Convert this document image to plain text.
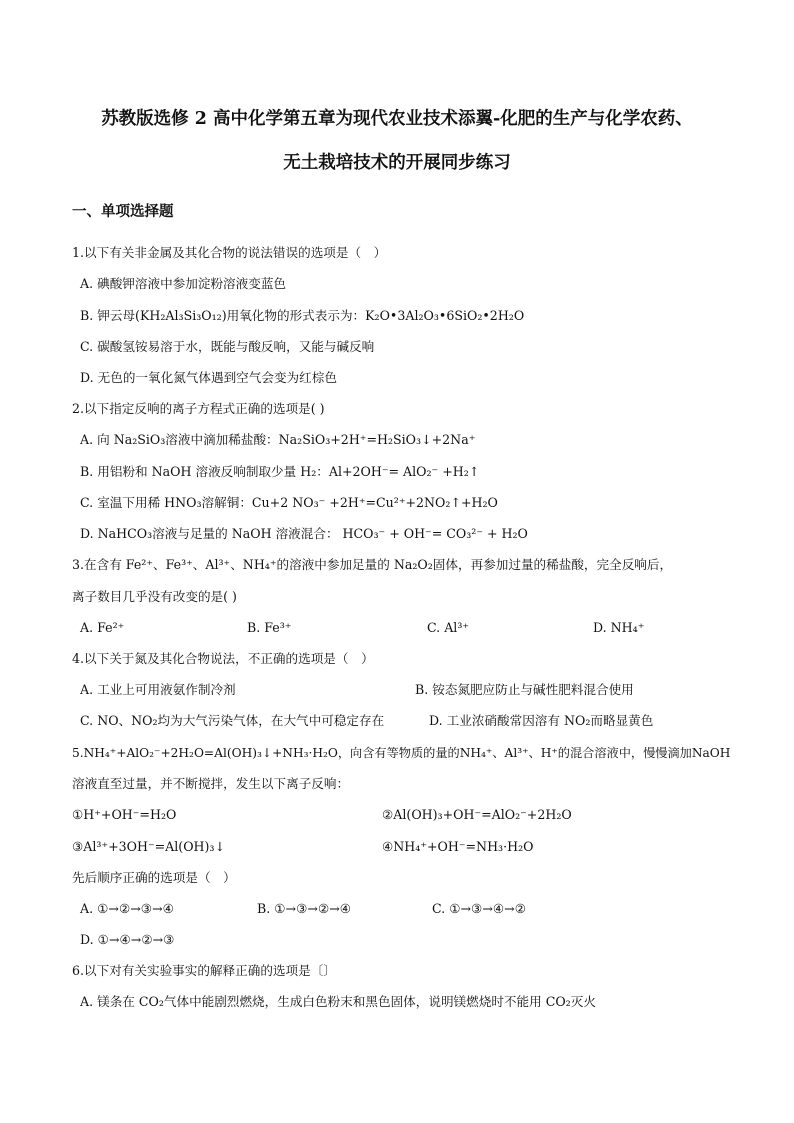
苏教版选修 2 高中化学第五章为现代农业技术添翼-化肥的生产与化学农药、
无土栽培技术的开展同步练习
一、单项选择题
1.以下有关非金属及其化合物的说法错误的选项是（　）
A. 碘酸钾溶液中参加淀粉溶液变蓝色
B. 钾云母(KH₂Al₃Si₃O₁₂)用氧化物的形式表示为：K₂O•3Al₂O₃•6SiO₂•2H₂O
C. 碳酸氢铵易溶于水，既能与酸反响，又能与碱反响
D. 无色的一氧化氮气体遇到空气会变为红棕色
2.以下指定反响的离子方程式正确的选项是( )
A. 向 Na₂SiO₃溶液中滴加稀盐酸：Na₂SiO₃+2H⁺=H₂SiO₃↓+2Na⁺
B. 用铝粉和 NaOH 溶液反响制取少量 H₂：Al+2OH⁻= AlO₂⁻ +H₂↑
C. 室温下用稀 HNO₃溶解铜：Cu+2 NO₃⁻ +2H⁺=Cu²⁺+2NO₂↑+H₂O
D. NaHCO₃溶液与足量的 NaOH 溶液混合： HCO₃⁻ + OH⁻= CO₃²⁻ + H₂O
3.在含有 Fe²⁺、Fe³⁺、Al³⁺、NH₄⁺的溶液中参加足量的 Na₂O₂固体，再参加过量的稀盐酸，完全反响后，
离子数目几乎没有改变的是( )
A. Fe²⁺	B. Fe³⁺	C. Al³⁺	D. NH₄⁺
4.以下关于氮及其化合物说法，不正确的选项是（　）
A. 工业上可用液氨作制冷剂	B. 铵态氮肥应防止与碱性肥料混合使用
C. NO、NO₂均为大气污染气体，在大气中可稳定存在	D. 工业浓硝酸常因溶有 NO₂而略显黄色
5.NH₄⁺+AlO₂⁻+2H₂O=Al(OH)₃↓+NH₃·H₂O，向含有等物质的量的NH₄⁺、Al³⁺、H⁺的混合溶液中，慢慢滴加NaOH
溶液直至过量，并不断搅拌，发生以下离子反响：
①H⁺+OH⁻=H₂O	②Al(OH)₃+OH⁻=AlO₂⁻+2H₂O
③Al³⁺+3OH⁻=Al(OH)₃↓	④NH₄⁺+OH⁻=NH₃·H₂O
先后顺序正确的选项是（　）
A. ①→②→③→④	B. ①→③→②→④	C. ①→③→④→②
D. ①→④→②→③
6.以下对有关实验事实的解释正确的选项是〔〕
A. 镁条在 CO₂气体中能剧烈燃烧，生成白色粉末和黑色固体，说明镁燃烧时不能用 CO₂灭火
